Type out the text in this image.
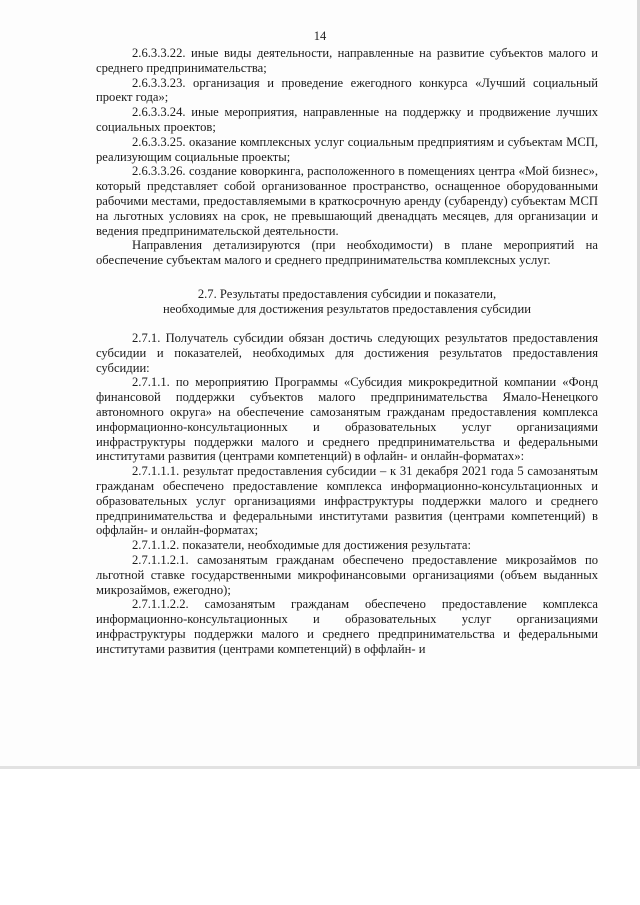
14

2.6.3.3.22. иные виды деятельности, направленные на развитие субъектов малого и среднего предпринимательства;

2.6.3.3.23. организация и проведение ежегодного конкурса «Лучший социальный проект года»;

2.6.3.3.24. иные мероприятия, направленные на поддержку и продвижение лучших социальных проектов;

2.6.3.3.25. оказание комплексных услуг социальным предприятиям и субъектам МСП, реализующим социальные проекты;

2.6.3.3.26. создание коворкинга, расположенного в помещениях центра «Мой бизнес», который представляет собой организованное пространство, оснащенное оборудованными рабочими местами, предоставляемыми в краткосрочную аренду (субаренду) субъектам МСП на льготных условиях на срок, не превышающий двенадцать месяцев, для организации и ведения предпринимательской деятельности.

Направления детализируются (при необходимости) в плане мероприятий на обеспечение субъектам малого и среднего предпринимательства комплексных услуг.

2.7. Результаты предоставления субсидии и показатели,
необходимые для достижения результатов предоставления субсидии

2.7.1. Получатель субсидии обязан достичь следующих результатов предоставления субсидии и показателей, необходимых для достижения результатов предоставления субсидии:

2.7.1.1. по мероприятию Программы «Субсидия микрокредитной компании «Фонд финансовой поддержки субъектов малого предпринимательства Ямало-Ненецкого автономного округа» на обеспечение самозанятым гражданам предоставления комплекса информационно-консультационных и образовательных услуг организациями инфраструктуры поддержки малого и среднего предпринимательства и федеральными институтами развития (центрами компетенций) в офлайн- и онлайн-форматах»:

2.7.1.1.1. результат предоставления субсидии – к 31 декабря 2021 года 5 самозанятым гражданам обеспечено предоставление комплекса информационно-консультационных и образовательных услуг организациями инфраструктуры поддержки малого и среднего предпринимательства и федеральными институтами развития (центрами компетенций) в оффлайн- и онлайн-форматах;

2.7.1.1.2. показатели, необходимые для достижения результата:

2.7.1.1.2.1. самозанятым гражданам обеспечено предоставление микрозаймов по льготной ставке государственными микрофинансовыми организациями (объем выданных микрозаймов, ежегодно);

2.7.1.1.2.2. самозанятым гражданам обеспечено предоставление комплекса информационно-консультационных и образовательных услуг организациями инфраструктуры поддержки малого и среднего предпринимательства и федеральными институтами развития (центрами компетенций) в оффлайн- и
